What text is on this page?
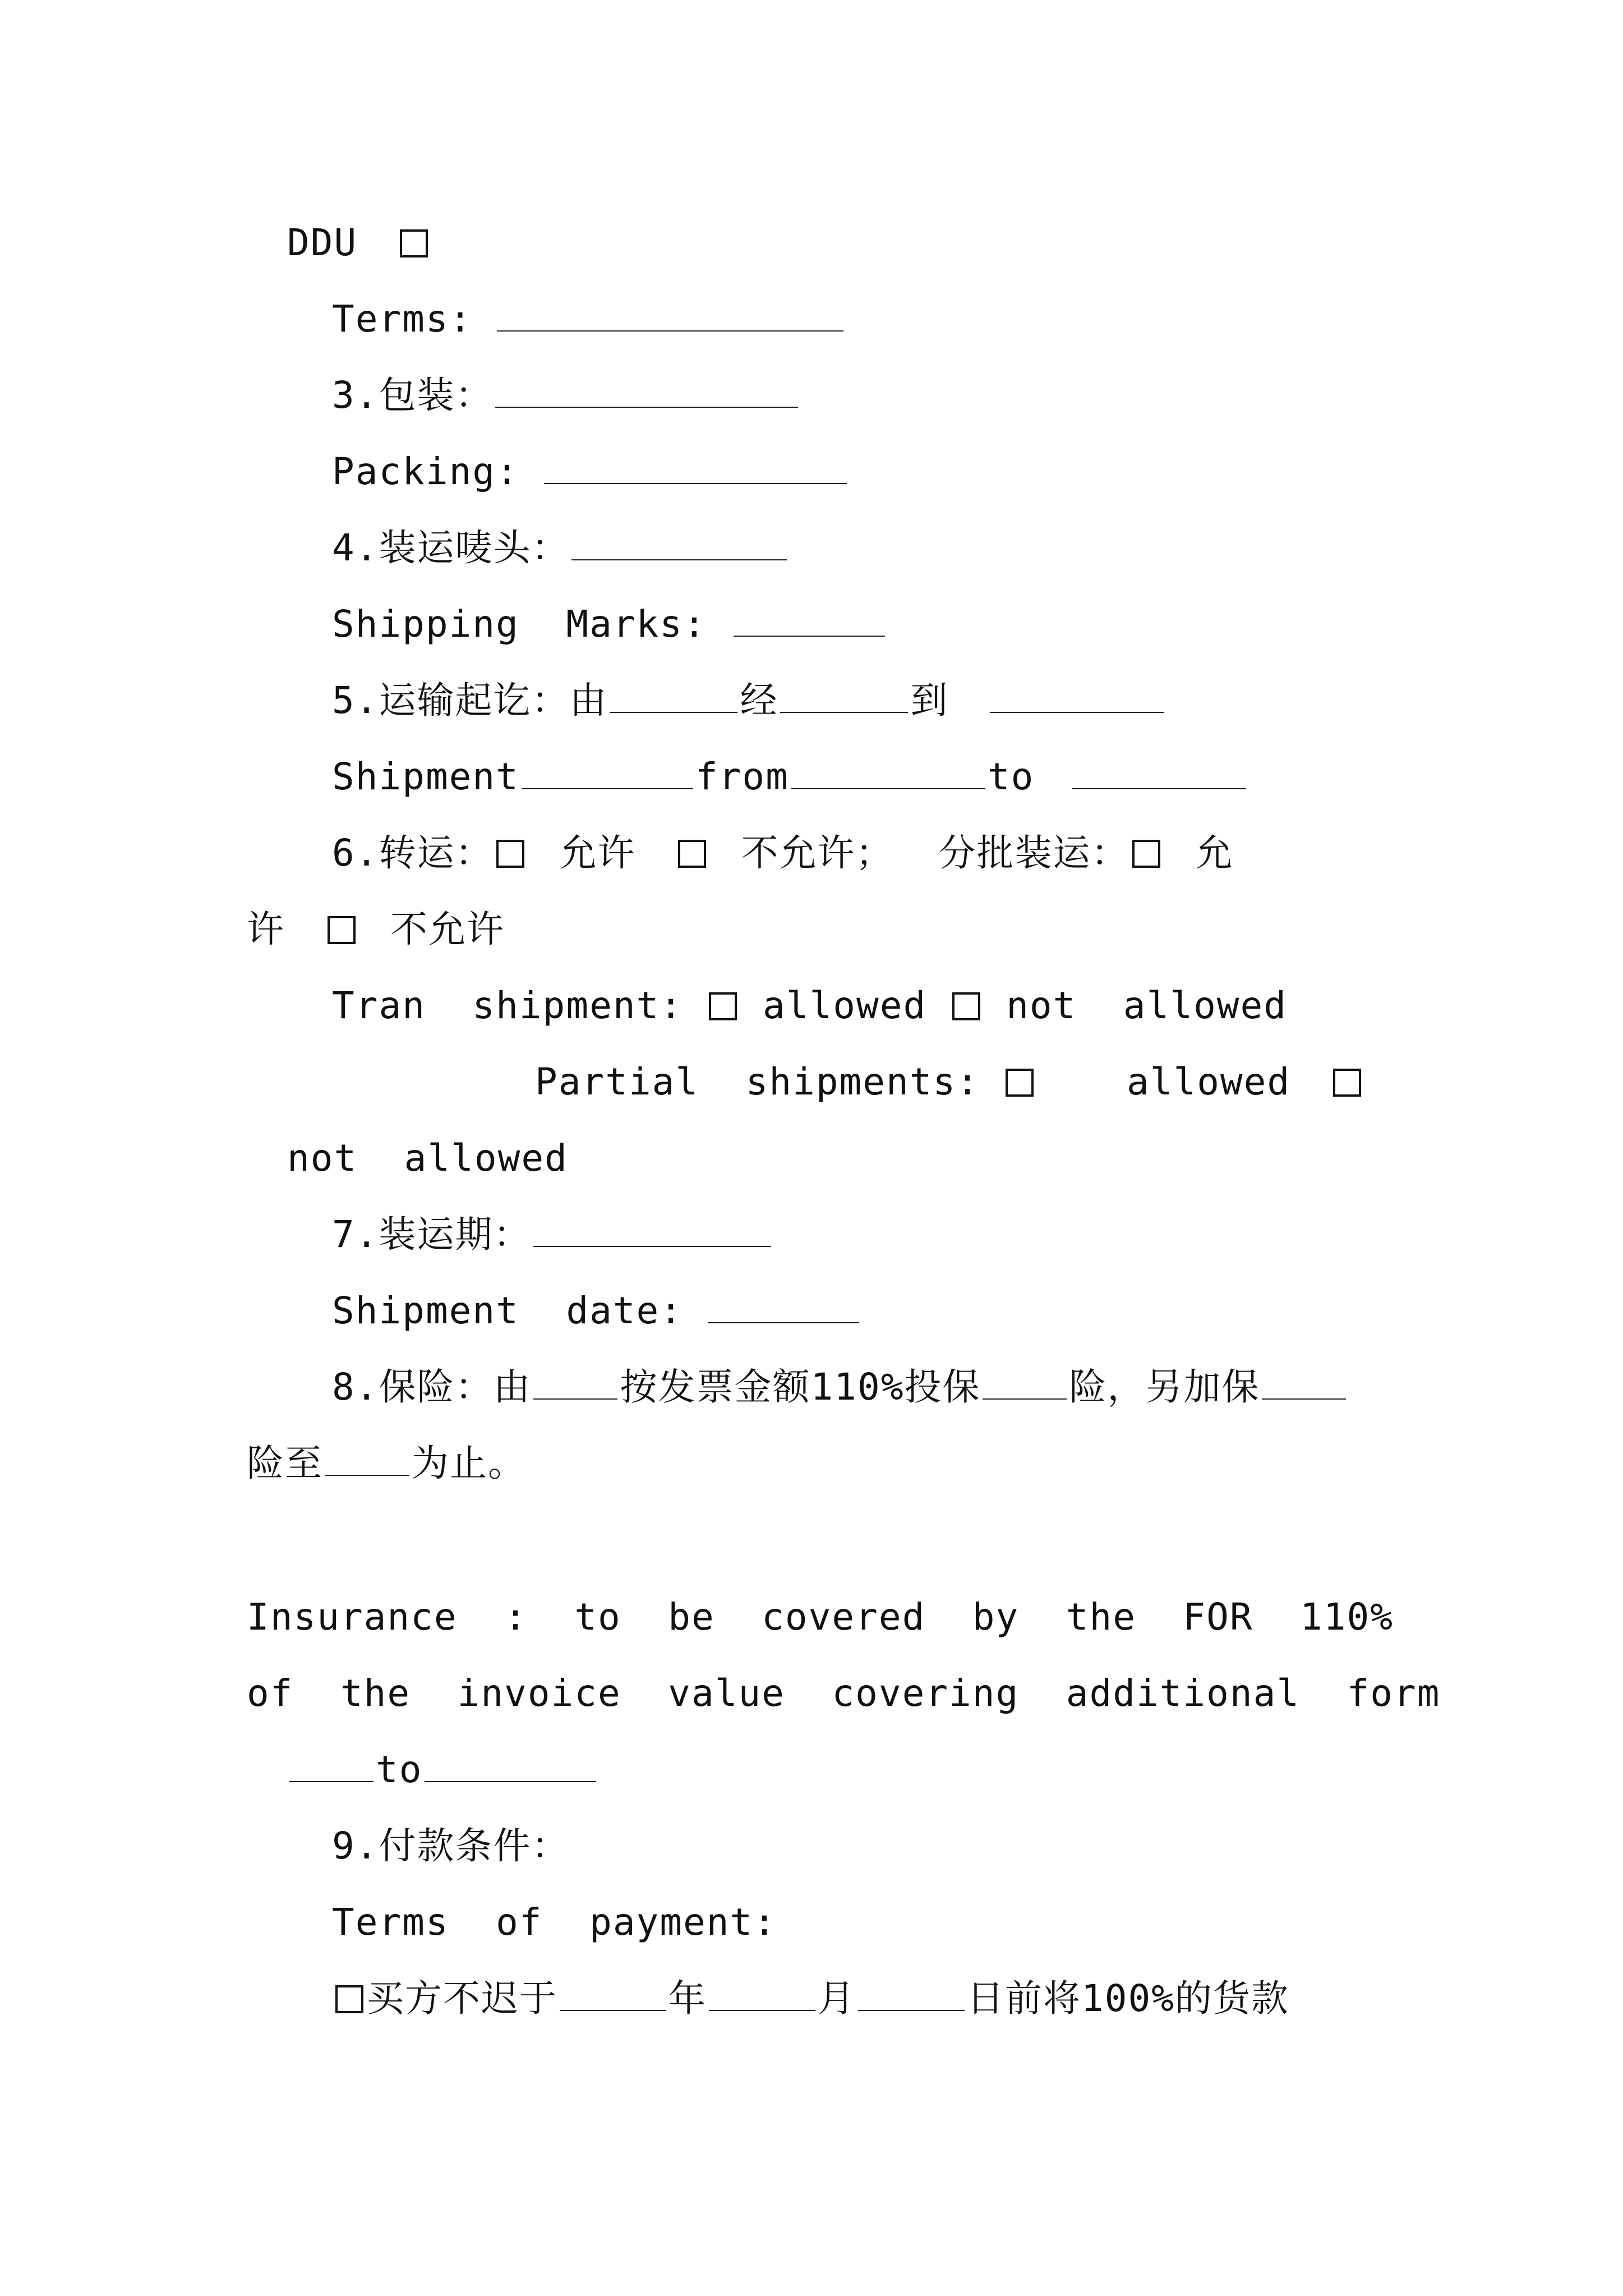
DDU
Terms:
3.包装：
Packing:
4.装运唛头：
Shipping  Marks:
5.运输起讫：由	经	到
Shipment	from	to
6.转运： 允许	不允许； 分批装运： 允
许	不允许
Tran  shipment: allowed not  allowed
Partial  shipments:	allowed
not  allowed
7.装运期：
Shipment  date:
8.保险：由 按发票金额110%投保 险，另加保
险至 为止。
Insurance  :  to  be  covered  by  the  FOR  110%
of  the  invoice  value  covering  additional  form
to
9.付款条件：
Terms  of  payment:
买方不迟于	年	月	日前将100%的货款
